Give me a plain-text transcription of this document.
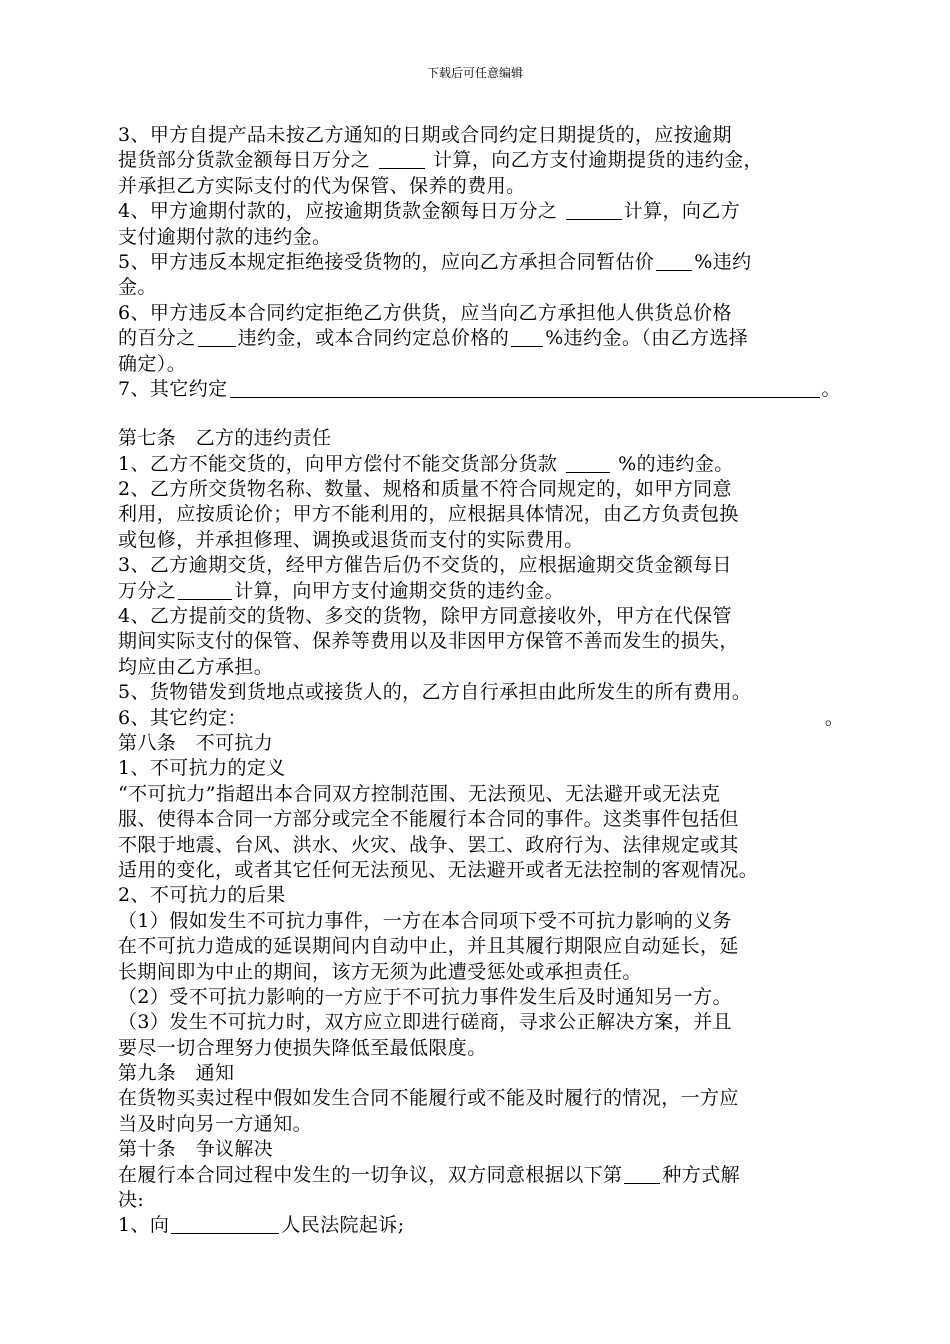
下载后可任意编辑
3、甲方自提产品未按乙方通知的日期或合同约定日期提货的，应按逾期
提货部分货款金额每日万分之	计算，向乙方支付逾期提货的违约金，
并承担乙方实际支付的代为保管、保养的费用。
4、甲方逾期付款的，应按逾期货款金额每日万分之	计算，向乙方
支付逾期付款的违约金。
5、甲方违反本规定拒绝接受货物的，应向乙方承担合同暂估价 %违约
金。
6、甲方违反本合同约定拒绝乙方供货，应当向乙方承担他人供货总价格
的百分之 违约金，或本合同约定总价格的 %违约金。（由乙方选择
确定）。
7、其它约定	。
第七条　乙方的违约责任
1、乙方不能交货的，向甲方偿付不能交货部分货款	%的违约金。
2、乙方所交货物名称、数量、规格和质量不符合同规定的，如甲方同意
利用，应按质论价；甲方不能利用的，应根据具体情况，由乙方负责包换
或包修，并承担修理、调换或退货而支付的实际费用。
3、乙方逾期交货，经甲方催告后仍不交货的，应根据逾期交货金额每日
万分之	计算，向甲方支付逾期交货的违约金。
4、乙方提前交的货物、多交的货物，除甲方同意接收外，甲方在代保管
期间实际支付的保管、保养等费用以及非因甲方保管不善而发生的损失，
均应由乙方承担。
5、货物错发到货地点或接货人的，乙方自行承担由此所发生的所有费用。
6、其它约定：	。
第八条　不可抗力
1、不可抗力的定义
“不可抗力”指超出本合同双方控制范围、无法预见、无法避开或无法克
服、使得本合同一方部分或完全不能履行本合同的事件。这类事件包括但
不限于地震、台风、洪水、火灾、战争、罢工、政府行为、法律规定或其
适用的变化，或者其它任何无法预见、无法避开或者无法控制的客观情况。
2、不可抗力的后果
（1）假如发生不可抗力事件，一方在本合同项下受不可抗力影响的义务
在不可抗力造成的延误期间内自动中止，并且其履行期限应自动延长，延
长期间即为中止的期间，该方无须为此遭受惩处或承担责任。
（2）受不可抗力影响的一方应于不可抗力事件发生后及时通知另一方。
（3）发生不可抗力时，双方应立即进行磋商，寻求公正解决方案，并且
要尽一切合理努力使损失降低至最低限度。
第九条　通知
在货物买卖过程中假如发生合同不能履行或不能及时履行的情况，一方应
当及时向另一方通知。
第十条　争议解决
在履行本合同过程中发生的一切争议，双方同意根据以下第 种方式解
决:
1、向	人民法院起诉;
